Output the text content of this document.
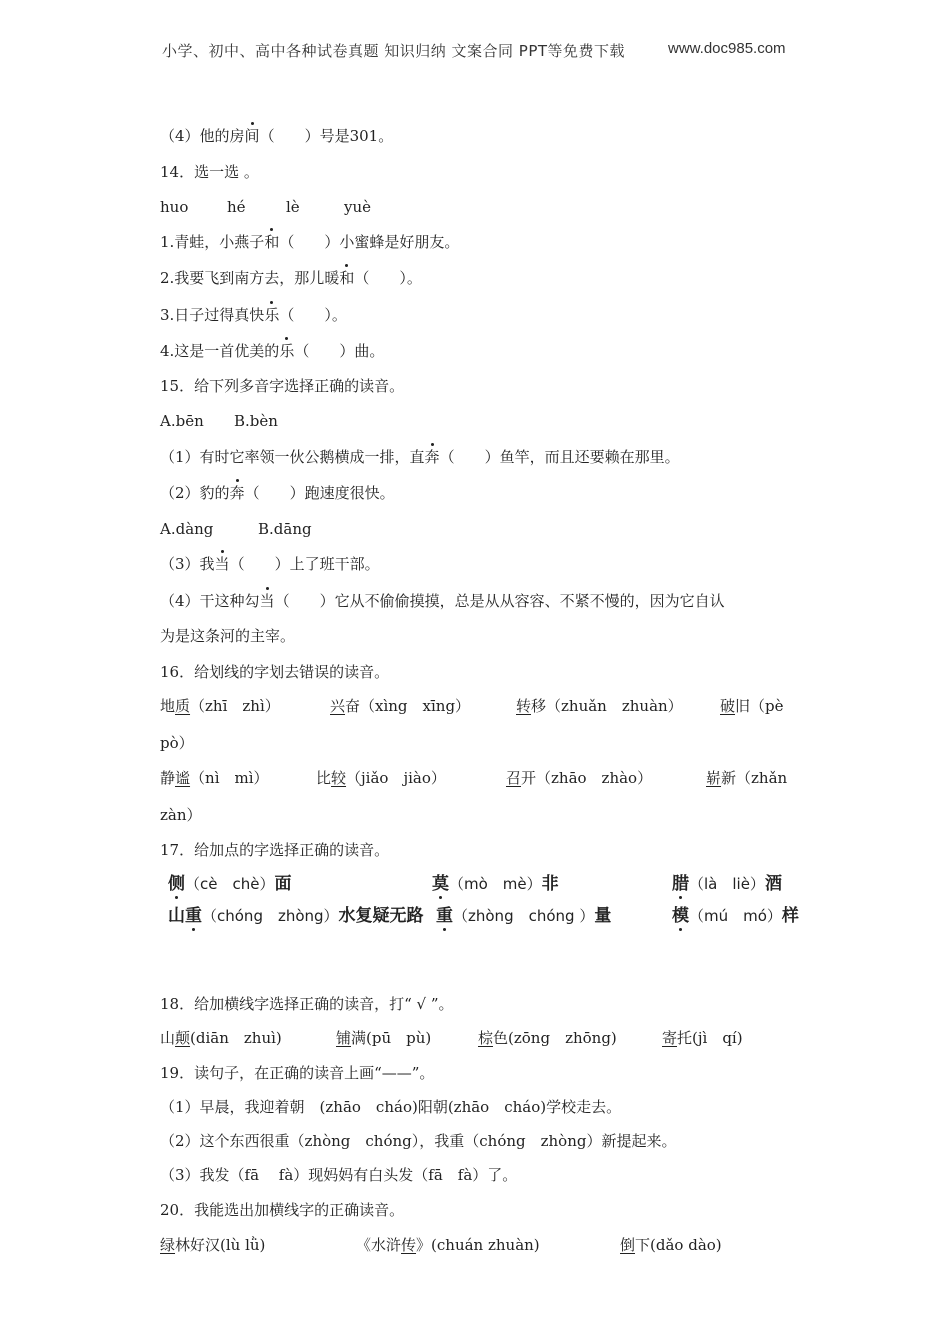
小学、初中、高中各种试卷真题 知识归纳 文案合同 PPT等免费下载	www.doc985.com
（4）他的房间（　　）号是301。
14．选一选 。
huo	hé	lè	yuè
1.青蛙，小燕子和（　　）小蜜蜂是好朋友。
2.我要飞到南方去，那儿暖和（　　）。
3.日子过得真快乐（　　）。
4.这是一首优美的乐（　　）曲。
15．给下列多音字选择正确的读音。
A.bēn B.bèn
（1）有时它率领一伙公鹅横成一排，直奔（　　）鱼竿，而且还要赖在那里。
（2）豹的奔（　　）跑速度很快。
A.dàng	B.dāng
（3）我当（　　）上了班干部。
（4）干这种勾当（　　）它从不偷偷摸摸，总是从从容容、不紧不慢的，因为它自认
为是这条河的主宰。
16．给划线的字划去错误的读音。
地质（zhī　zhì）	兴奋（xìng　xīng）	转移（zhuǎn　zhuàn） 破旧（pè
pò）
静谧（nì　mì）	比较（jiǎo　jiào）	召开（zhāo　zhào）	崭新（zhǎn
zàn）
17．给加点的字选择正确的读音。
侧（cè　chè）面	莫（mò　mè）非	腊（là　liè）酒
山重（chóng　zhòng）水复疑无路 重（zhòng　chóng ）量	模（mú　mó）样
18．给加横线字选择正确的读音，打“ √ ”。
山颠(diān　zhuì)	铺满(pū　pù)	棕色(zōng　zhōng)	寄托(jì　qí)
19．读句子，在正确的读音上画“——”。
（1）早晨，我迎着朝　(zhāo　cháo)阳朝(zhāo　cháo)学校走去。
（2）这个东西很重（zhòng　chóng），我重（chóng　zhòng）新提起来。
（3）我发（fā　 fà）现妈妈有白头发（fā　fà）了。
20．我能选出加横线字的正确读音。
绿林好汉(lù lǜ)	《水浒传》(chuán zhuàn)	倒下(dǎo dào)
